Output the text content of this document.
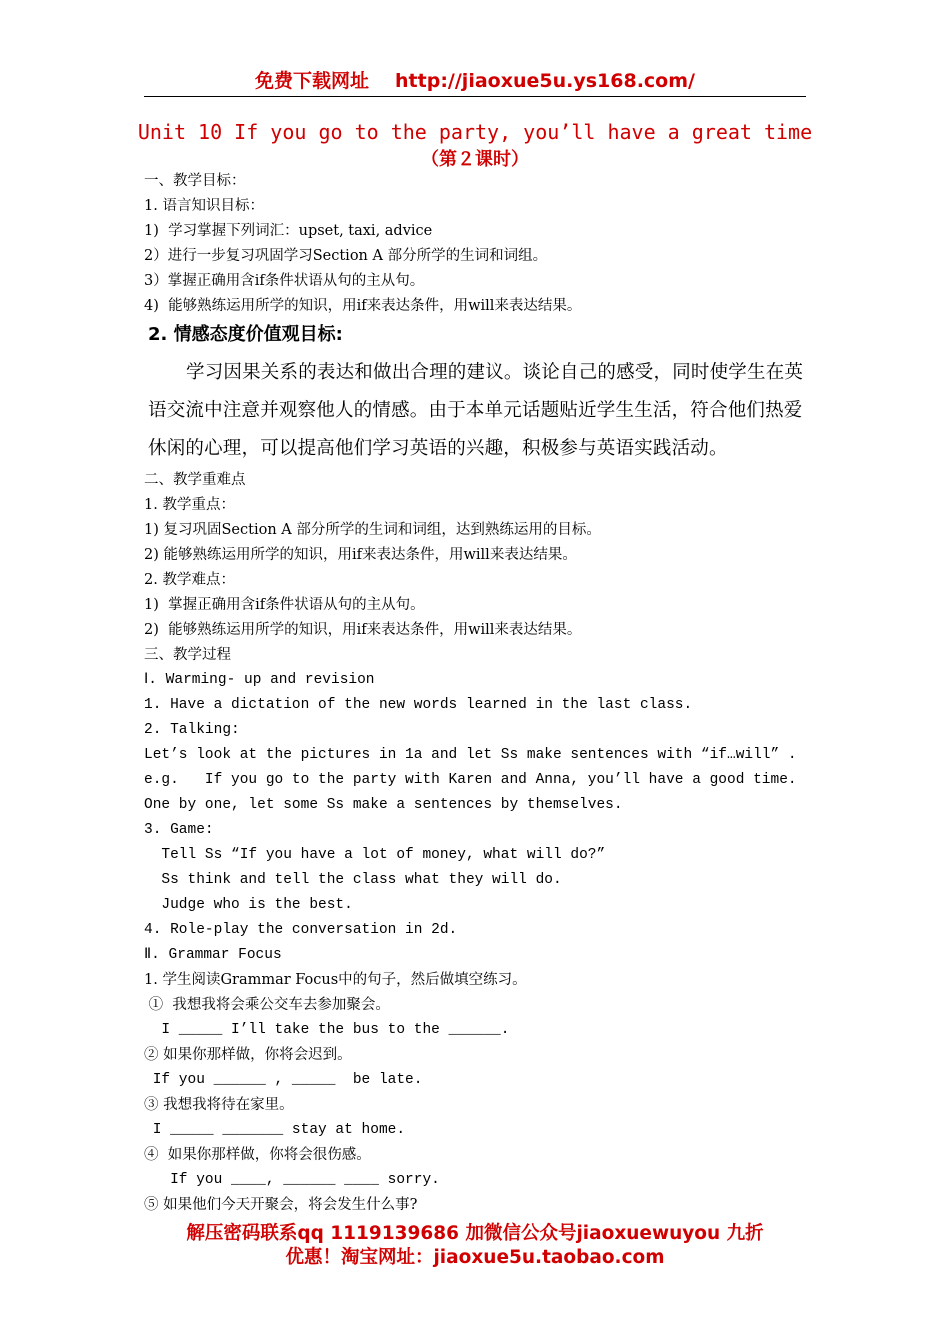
免费下载网址 http://jiaoxue5u.ys168.com/
Unit 10 If you go to the party, you’ll have a great time
（第２课时）
一、教学目标：
1. 语言知识目标：
1)  学习掌握下列词汇：upset, taxi, advice
2）进行一步复习巩固学习Section A 部分所学的生词和词组。
3）掌握正确用含if条件状语从句的主从句。
4)  能够熟练运用所学的知识，用if来表达条件，用will来表达结果。
2. 情感态度价值观目标:
学习因果关系的表达和做出合理的建议。谈论自己的感受，同时使学生在英语交流中注意并观察他人的情感。由于本单元话题贴近学生生活，符合他们热爱休闲的心理，可以提高他们学习英语的兴趣，积极参与英语实践活动。
二、教学重难点
1. 教学重点：
1) 复习巩固Section A 部分所学的生词和词组，达到熟练运用的目标。
2) 能够熟练运用所学的知识，用if来表达条件，用will来表达结果。
2. 教学难点：
1)  掌握正确用含if条件状语从句的主从句。
2)  能够熟练运用所学的知识，用if来表达条件，用will来表达结果。
三、教学过程
Ⅰ. Warming- up and revision
1. Have a dictation of the new words learned in the last class.
2. Talking:
Let’s look at the pictures in 1a and let Ss make sentences with “if…will” .
e.g.   If you go to the party with Karen and Anna, you’ll have a good time.
One by one, let some Ss make a sentences by themselves.
3. Game:
Tell Ss “If you have a lot of money, what will do?”
Ss think and tell the class what they will do.
Judge who is the best.
4. Role-play the conversation in 2d.
Ⅱ. Grammar Focus
1. 学生阅读Grammar Focus中的句子，然后做填空练习。
①  我想我将会乘公交车去参加聚会。
I _____ I’ll take the bus to the ______.
② 如果你那样做，你将会迟到。
If you ______ , _____  be late.
③ 我想我将待在家里。
I _____ _______ stay at home.
④  如果你那样做，你将会很伤感。
If you ____, ______ ____ sorry.
⑤ 如果他们今天开聚会，将会发生什么事?
解压密码联系qq 1119139686 加微信公众号jiaoxuewuyou 九折
优惠！淘宝网址：jiaoxue5u.taobao.com
